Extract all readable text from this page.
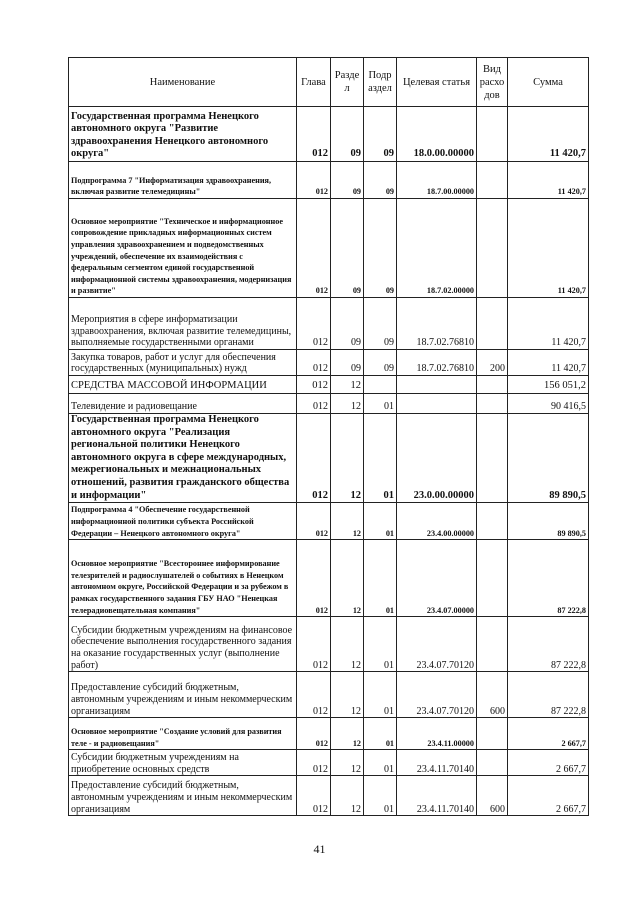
Наименование	Глава	Разде л	Подр аздел	Целевая статья	Вид расхо дов	Сумма
Государственная программа Ненецкого автономного округа "Развитие здравоохранения Ненецкого автономного округа"	012	09	09	18.0.00.00000		11 420,7
Подпрограмма 7 "Информатизация здравоохранения, включая развитие телемедицины"	012	09	09	18.7.00.00000		11 420,7
Основное мероприятие "Техническое и информационное сопровождение прикладных информационных систем управления здравоохранением и подведомственных учреждений, обеспечение их взаимодействия с федеральным сегментом единой государственной информационной системы здравоохранения, модернизация и развитие"	012	09	09	18.7.02.00000		11 420,7
Мероприятия в сфере информатизации здравоохранения, включая развитие телемедицины, выполняемые государственными органами	012	09	09	18.7.02.76810		11 420,7
Закупка товаров, работ и услуг для обеспечения государственных (муниципальных) нужд	012	09	09	18.7.02.76810	200	11 420,7
СРЕДСТВА МАССОВОЙ ИНФОРМАЦИИ	012	12				156 051,2
Телевидение и радиовещание	012	12	01			90 416,5
Государственная программа Ненецкого автономного округа "Реализация региональной политики Ненецкого автономного округа в сфере международных, межрегиональных и межнациональных отношений, развития гражданского общества и информации"	012	12	01	23.0.00.00000		89 890,5
Подпрограмма 4 "Обеспечение государственной информационной политики субъекта Российской Федерации – Ненецкого автономного округа"	012	12	01	23.4.00.00000		89 890,5
Основное мероприятие "Всестороннее информирование телезрителей и радиослушателей о событиях в Ненецком автономном округе, Российской Федерации и за рубежом в рамках государственного задания ГБУ НАО "Ненецкая телерадиовещательная компания"	012	12	01	23.4.07.00000		87 222,8
Субсидии бюджетным учреждениям на финансовое обеспечение выполнения государственного задания на оказание государственных услуг (выполнение работ)	012	12	01	23.4.07.70120		87 222,8
Предоставление субсидий бюджетным, автономным учреждениям и иным некоммерческим организациям	012	12	01	23.4.07.70120	600	87 222,8
Основное мероприятие "Создание условий для развития теле - и радиовещания"	012	12	01	23.4.11.00000		2 667,7
Субсидии бюджетным учреждениям на приобретение основных средств	012	12	01	23.4.11.70140		2 667,7
Предоставление субсидий бюджетным, автономным учреждениям и иным некоммерческим организациям	012	12	01	23.4.11.70140	600	2 667,7
41
